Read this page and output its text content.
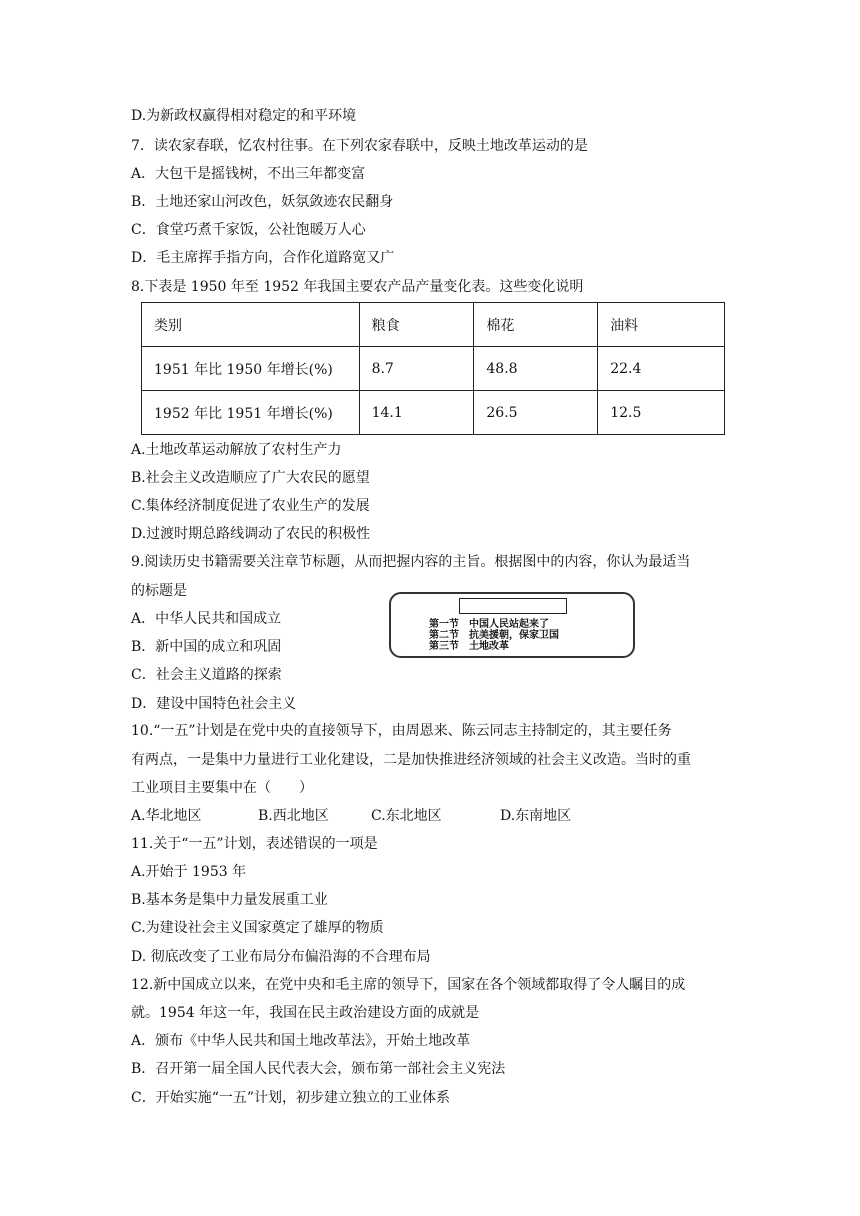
D.为新政权赢得相对稳定的和平环境
7．读农家春联，忆农村往事。在下列农家春联中，反映土地改革运动的是
A．大包干是摇钱树，不出三年都变富
B．土地还家山河改色，妖氛敛迹农民翻身
C．食堂巧煮千家饭，公社饱暖万人心
D．毛主席挥手指方向，合作化道路宽又广
8.下表是 1950 年至 1952 年我国主要农产品产量变化表。这些变化说明
类别	粮食	棉花	油料
1951 年比 1950 年增长(%)	8.7	48.8	22.4
1952 年比 1951 年增长(%)	14.1	26.5	12.5
A.土地改革运动解放了农村生产力
B.社会主义改造顺应了广大农民的愿望
C.集体经济制度促进了农业生产的发展
D.过渡时期总路线调动了农民的积极性
9.阅读历史书籍需要关注章节标题，从而把握内容的主旨。根据图中的内容，你认为最适当
的标题是
A．中华人民共和国成立
B．新中国的成立和巩固
C．社会主义道路的探索
D．建设中国特色社会主义
第一节　中国人民站起来了
第二节　抗美援朝，保家卫国
第三节　土地改革
10.“一五”计划是在党中央的直接领导下，由周恩来、陈云同志主持制定的，其主要任务
有两点，一是集中力量进行工业化建设，二是加快推进经济领域的社会主义改造。当时的重
工业项目主要集中在（　　）
A.华北地区	B.西北地区	C.东北地区	D.东南地区
11.关于“一五”计划，表述错误的一项是
A.开始于 1953 年
B.基本务是集中力量发展重工业
C.为建设社会主义国家奠定了雄厚的物质
D. 彻底改变了工业布局分布偏沿海的不合理布局
12.新中国成立以来，在党中央和毛主席的领导下，国家在各个领域都取得了令人瞩目的成
就。1954 年这一年，我国在民主政治建设方面的成就是
A．颁布《中华人民共和国土地改革法》，开始土地改革
B．召开第一届全国人民代表大会，颁布第一部社会主义宪法
C．开始实施“一五”计划，初步建立独立的工业体系
